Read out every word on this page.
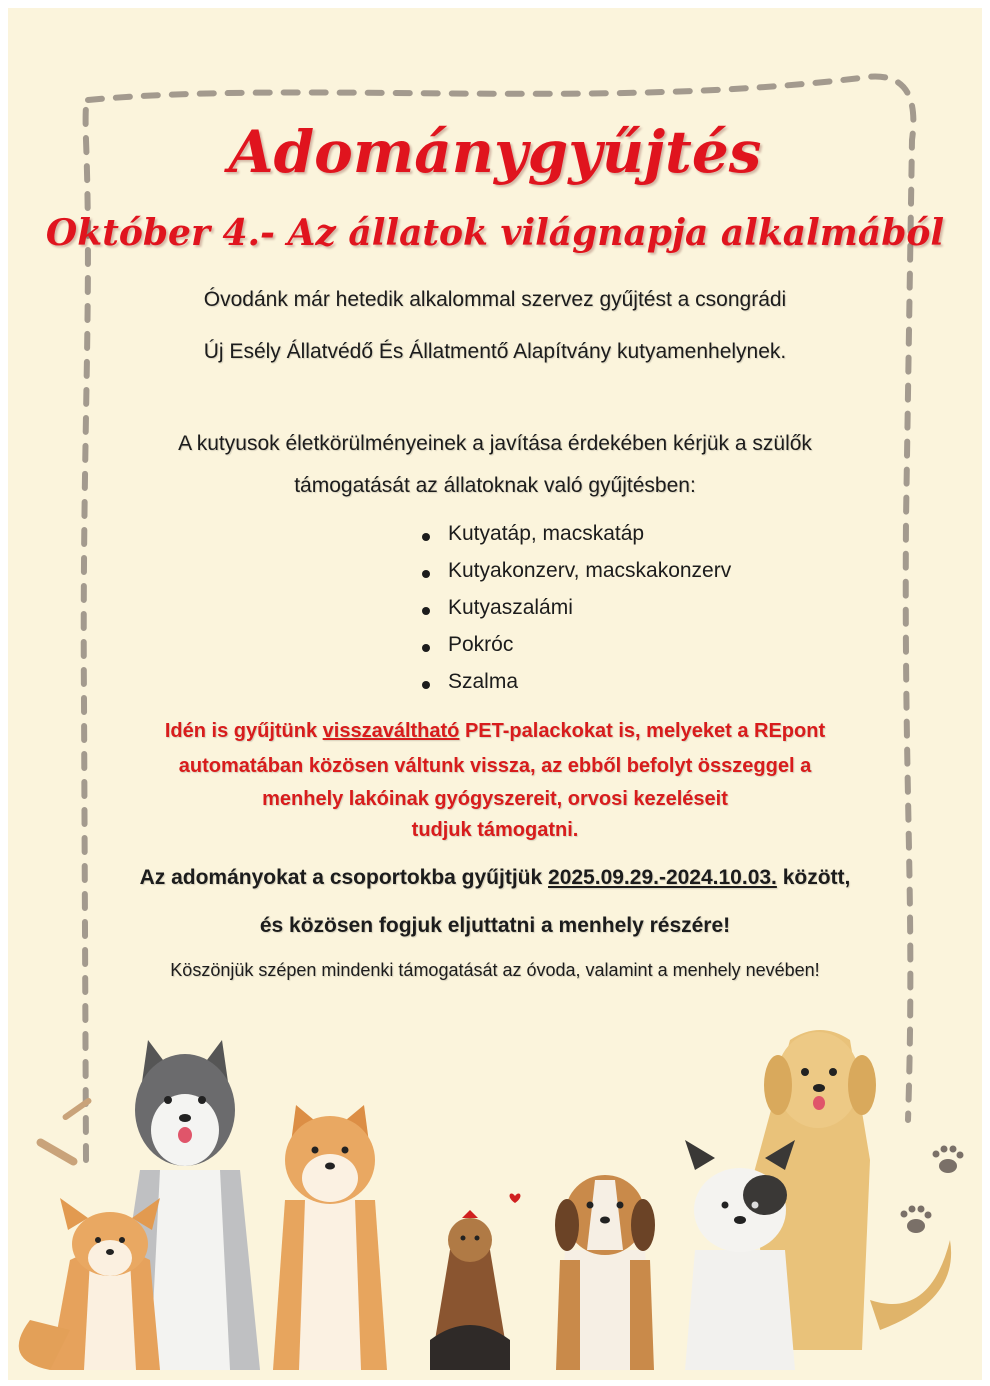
Adománygyűjtés
Október 4.- Az állatok világnapja alkalmából

Óvodánk már hetedik alkalommal szervez gyűjtést a csongrádi

Új Esély Állatvédő És Állatmentő Alapítvány kutyamenhelynek.

A kutyusok életkörülményeinek a javítása érdekében kérjük a szülők

támogatását az állatoknak való gyűjtésben:

Kutyatáp, macskatáp
Kutyakonzerv, macskakonzerv
Kutyaszalámi
Pokróc
Szalma

Idén is gyűjtünk visszaváltható PET-palackokat is, melyeket a REpont

automatában közösen váltunk vissza, az ebből befolyt összeggel a

menhely lakóinak gyógyszereit, orvosi kezeléseit

tudjuk támogatni.

Az adományokat a csoportokba gyűjtjük 2025.09.29.-2024.10.03. között,

és közösen fogjuk eljuttatni a menhely részére!

Köszönjük szépen mindenki támogatását az óvoda, valamint a menhely nevében!
